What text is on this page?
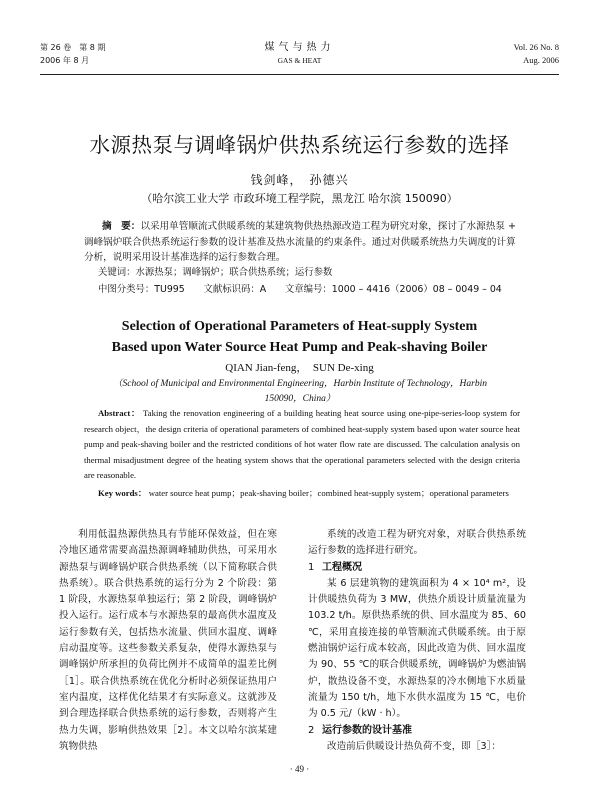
第 26 卷　第 8 期
2006 年 8 月
煤气与热力
GAS & HEAT
Vol. 26 No. 8
Aug. 2006
水源热泵与调峰锅炉供热系统运行参数的选择
钱剑峰，　孙德兴
（哈尔滨工业大学 市政环境工程学院，黑龙江 哈尔滨 150090）
摘　要：以采用单管顺流式供暖系统的某建筑物供热热源改造工程为研究对象，探讨了水源热泵 + 调峰锅炉联合供热系统运行参数的设计基准及热水流量的约束条件。通过对供暖系统热力失调度的计算分析，说明采用设计基准选择的运行参数合理。
关键词：水源热泵；调峰锅炉；联合供热系统；运行参数
中图分类号：TU995　　文献标识码：A　　文章编号：1000 – 4416（2006）08 – 0049 – 04
Selection of Operational Parameters of Heat-supply System
Based upon Water Source Heat Pump and Peak-shaving Boiler
QIAN Jian-feng，　SUN De-xing
（School of Municipal and Environmental Engineering，Harbin Institute of Technology，Harbin 150090，China）
Abstract： Taking the renovation engineering of a building heating heat source using one-pipe-series-loop system for research object，the design criteria of operational parameters of combined heat-supply system based upon water source heat pump and peak-shaving boiler and the restricted conditions of hot water flow rate are discussed. The calculation analysis on thermal misadjustment degree of the heating system shows that the operational parameters selected with the design criteria are reasonable.
Key words： water source heat pump；peak-shaving boiler；combined heat-supply system；operational parameters

利用低温热源供热具有节能环保效益，但在寒冷地区通常需要高温热源调峰辅助供热，可采用水源热泵与调峰锅炉联合供热系统（以下简称联合供热系统）。联合供热系统的运行分为 2 个阶段：第 1 阶段，水源热泵单独运行；第 2 阶段，调峰锅炉投入运行。运行成本与水源热泵的最高供水温度及运行参数有关，包括热水流量、供回水温度、调峰启动温度等。这些参数关系复杂，使得水源热泵与调峰锅炉所承担的负荷比例并不成简单的温差比例［1］。联合供热系统在优化分析时必须保证热用户室内温度，这样优化结果才有实际意义。这就涉及到合理选择联合供热系统的运行参数，否则将产生热力失调，影响供热效果［2］。本文以哈尔滨某建筑物供热

系统的改造工程为研究对象，对联合供热系统运行参数的选择进行研究。

1 工程概况

某 6 层建筑物的建筑面积为 4 × 10⁴ m²，设计供暖热负荷为 3 MW，供热介质设计质量流量为 103.2 t/h。原供热系统的供、回水温度为 85、60 ℃，采用直接连接的单管顺流式供暖系统。由于原燃油锅炉运行成本较高，因此改造为供、回水温度为 90、55 ℃的联合供暖系统，调峰锅炉为燃油锅炉，散热设备不变，水源热泵的冷水侧地下水质量流量为 150 t/h，地下水供水温度为 15 ℃，电价为 0.5 元/（kW · h）。

2 运行参数的设计基准

改造前后供暖设计热负荷不变，即［3］：

· 49 ·
